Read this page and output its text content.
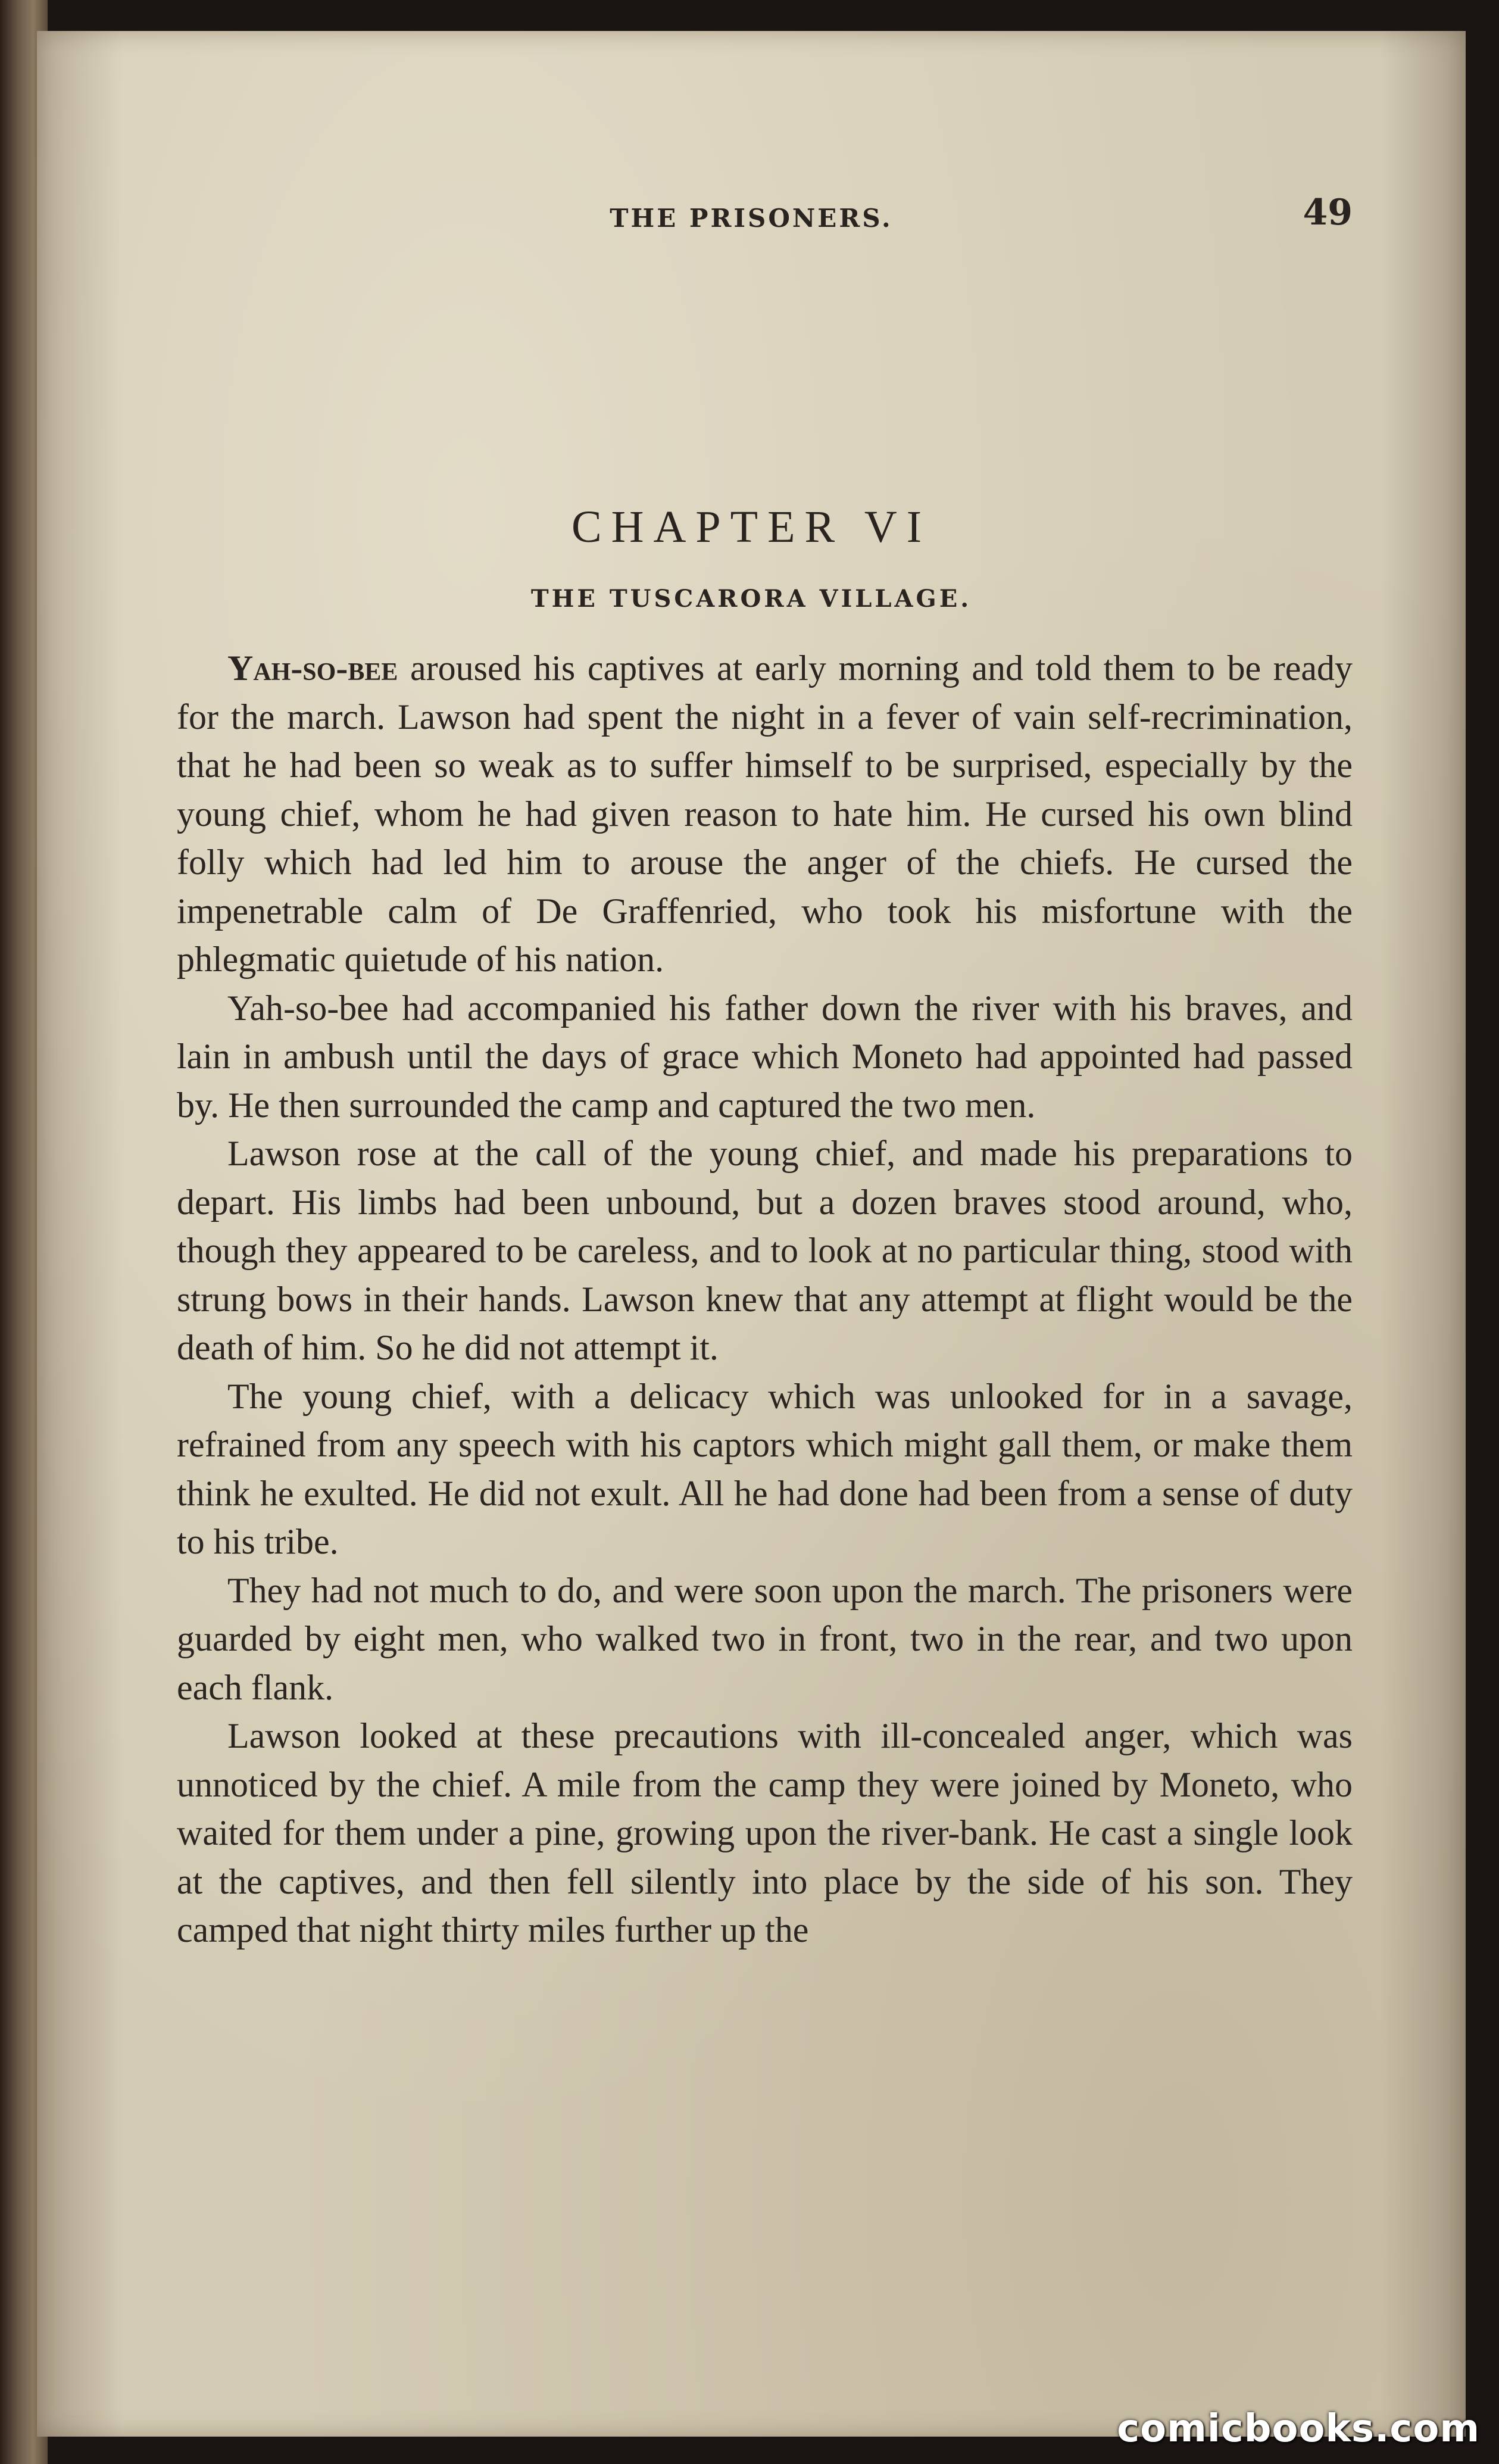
THE PRISONERS.	49
CHAPTER VI
THE TUSCARORA VILLAGE.

Yah-so-bee aroused his captives at early morning and told them to be ready for the march. Lawson had spent the night in a fever of vain self-recrimination, that he had been so weak as to suffer himself to be surprised, especially by the young chief, whom he had given reason to hate him. He cursed his own blind folly which had led him to arouse the anger of the chiefs. He cursed the impenetrable calm of De Graffenried, who took his misfortune with the phlegmatic quietude of his nation.

Yah-so-bee had accompanied his father down the river with his braves, and lain in ambush until the days of grace which Moneto had appointed had passed by. He then surrounded the camp and captured the two men.

Lawson rose at the call of the young chief, and made his preparations to depart. His limbs had been unbound, but a dozen braves stood around, who, though they appeared to be careless, and to look at no particular thing, stood with strung bows in their hands. Lawson knew that any attempt at flight would be the death of him. So he did not attempt it.

The young chief, with a delicacy which was unlooked for in a savage, refrained from any speech with his captors which might gall them, or make them think he exulted. He did not exult. All he had done had been from a sense of duty to his tribe.

They had not much to do, and were soon upon the march. The prisoners were guarded by eight men, who walked two in front, two in the rear, and two upon each flank.

Lawson looked at these precautions with ill-concealed anger, which was unnoticed by the chief. A mile from the camp they were joined by Moneto, who waited for them under a pine, growing upon the river-bank. He cast a single look at the captives, and then fell silently into place by the side of his son. They camped that night thirty miles further up the

comicbooks.com
